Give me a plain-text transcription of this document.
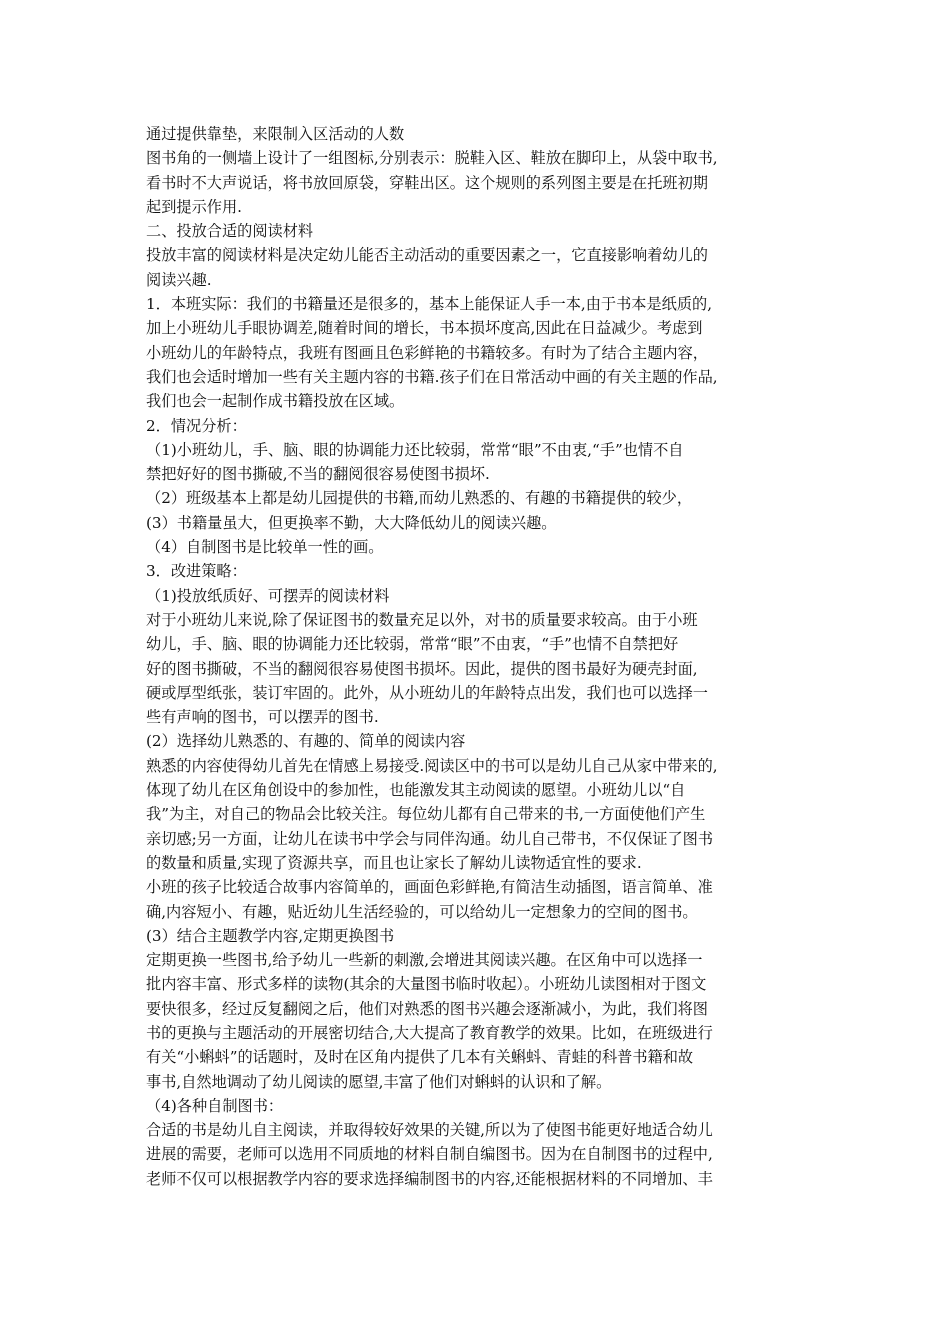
通过提供靠垫，来限制入区活动的人数
图书角的一侧墙上设计了一组图标,分别表示：脱鞋入区、鞋放在脚印上，从袋中取书,
看书时不大声说话，将书放回原袋，穿鞋出区。这个规则的系列图主要是在托班初期
起到提示作用.
二、投放合适的阅读材料
投放丰富的阅读材料是决定幼儿能否主动活动的重要因素之一，它直接影响着幼儿的
阅读兴趣.
1．本班实际：我们的书籍量还是很多的，基本上能保证人手一本,由于书本是纸质的,
加上小班幼儿手眼协调差,随着时间的增长，书本损坏度高,因此在日益减少。考虑到
小班幼儿的年龄特点，我班有图画且色彩鲜艳的书籍较多。有时为了结合主题内容，
我们也会适时增加一些有关主题内容的书籍.孩子们在日常活动中画的有关主题的作品,
我们也会一起制作成书籍投放在区域。
2．情况分析：
（1)小班幼儿，手、脑、眼的协调能力还比较弱，常常“眼”不由衷,“手”也情不自
禁把好好的图书撕破,不当的翻阅很容易使图书损坏.
（2）班级基本上都是幼儿园提供的书籍,而幼儿熟悉的、有趣的书籍提供的较少，
(3）书籍量虽大，但更换率不勤，大大降低幼儿的阅读兴趣。
（4）自制图书是比较单一性的画。
3．改进策略：
（1)投放纸质好、可摆弄的阅读材料
对于小班幼儿来说,除了保证图书的数量充足以外，对书的质量要求较高。由于小班
幼儿，手、脑、眼的协调能力还比较弱，常常“眼”不由衷，“手”也情不自禁把好
好的图书撕破，不当的翻阅很容易使图书损坏。因此，提供的图书最好为硬壳封面,
硬或厚型纸张，装订牢固的。此外，从小班幼儿的年龄特点出发，我们也可以选择一
些有声响的图书，可以摆弄的图书.
(2）选择幼儿熟悉的、有趣的、简单的阅读内容
熟悉的内容使得幼儿首先在情感上易接受.阅读区中的书可以是幼儿自己从家中带来的,
体现了幼儿在区角创设中的参加性，也能激发其主动阅读的愿望。小班幼儿以“自
我”为主，对自己的物品会比较关注。每位幼儿都有自己带来的书,一方面使他们产生
亲切感;另一方面，让幼儿在读书中学会与同伴沟通。幼儿自己带书，不仅保证了图书
的数量和质量,实现了资源共享，而且也让家长了解幼儿读物适宜性的要求.
小班的孩子比较适合故事内容简单的，画面色彩鲜艳,有简洁生动插图，语言简单、准
确,内容短小、有趣，贴近幼儿生活经验的，可以给幼儿一定想象力的空间的图书。
(3）结合主题教学内容,定期更换图书
定期更换一些图书,给予幼儿一些新的刺激,会增进其阅读兴趣。在区角中可以选择一
批内容丰富、形式多样的读物(其余的大量图书临时收起）。小班幼儿读图相对于图文
要快很多，经过反复翻阅之后，他们对熟悉的图书兴趣会逐渐减小，为此，我们将图
书的更换与主题活动的开展密切结合,大大提高了教育教学的效果。比如，在班级进行
有关“小蝌蚪”的话题时，及时在区角内提供了几本有关蝌蚪、青蛙的科普书籍和故
事书,自然地调动了幼儿阅读的愿望,丰富了他们对蝌蚪的认识和了解。
（4)各种自制图书：
合适的书是幼儿自主阅读，并取得较好效果的关键,所以为了使图书能更好地适合幼儿
进展的需要，老师可以选用不同质地的材料自制自编图书。因为在自制图书的过程中,
老师不仅可以根据教学内容的要求选择编制图书的内容,还能根据材料的不同增加、丰
